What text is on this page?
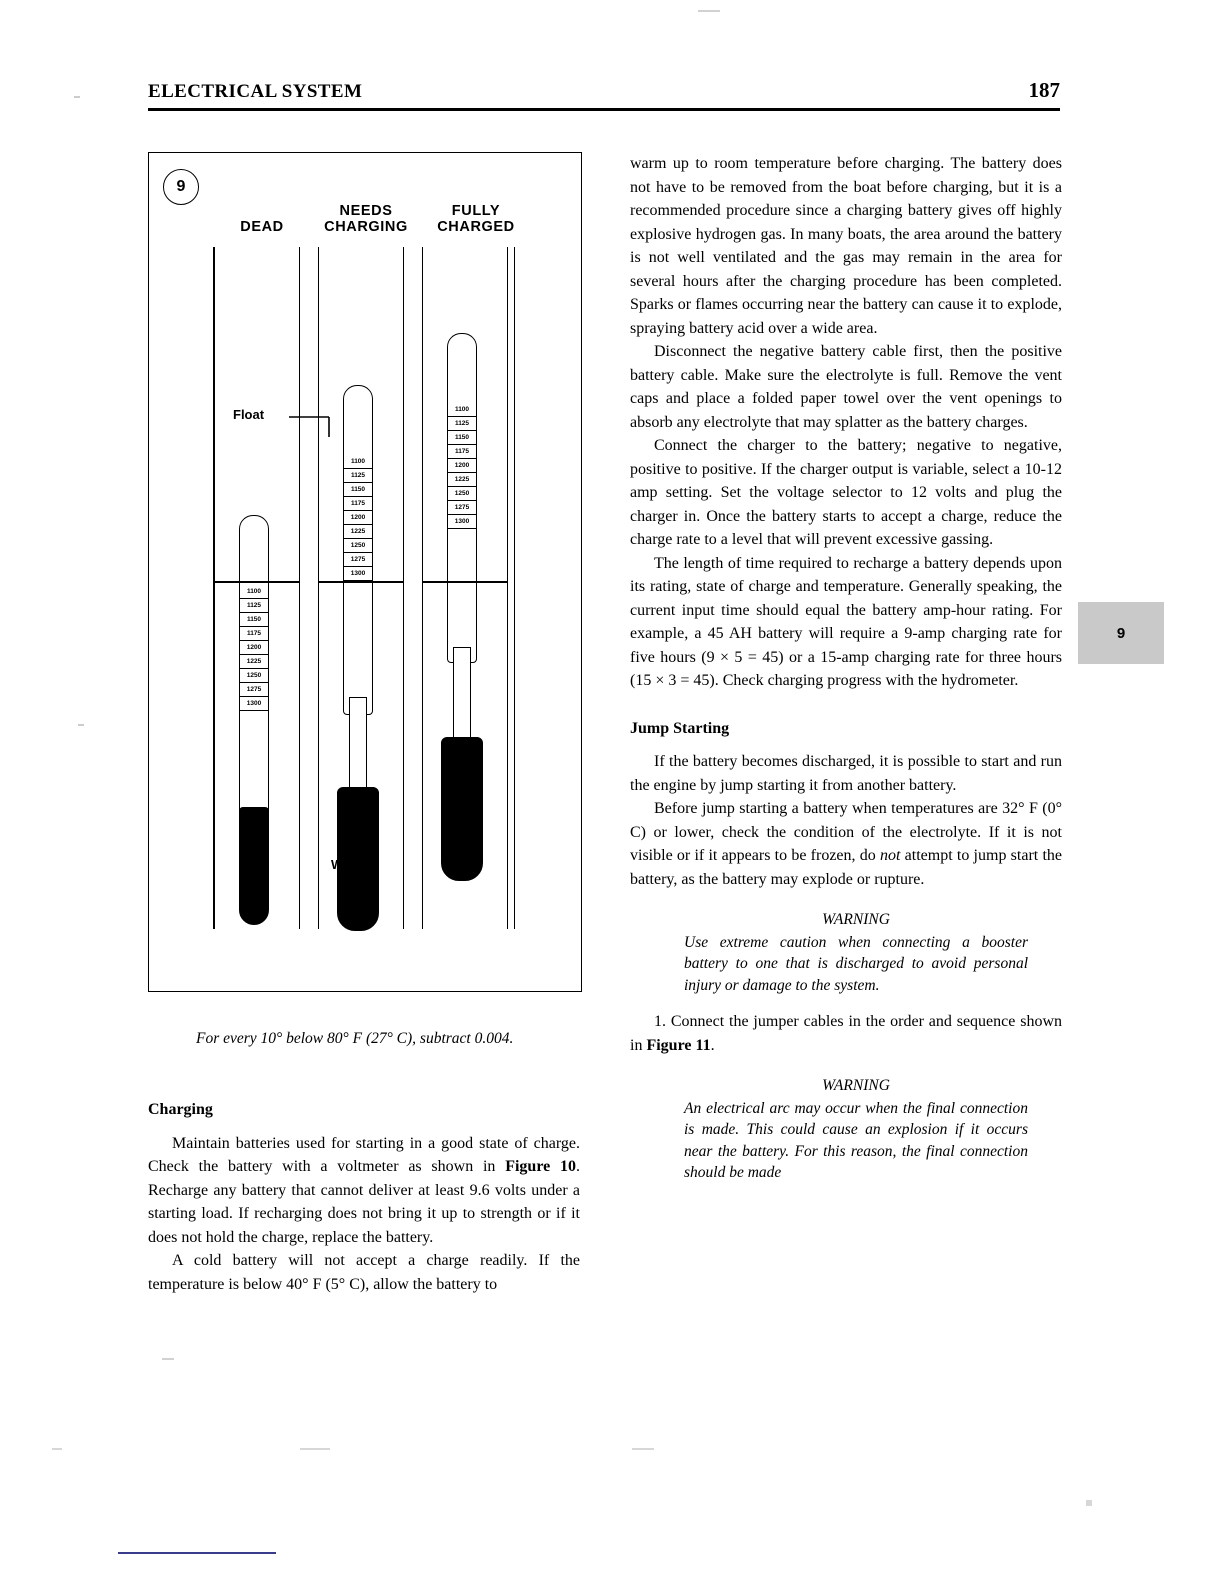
ELECTRICAL SYSTEM	187
9
DEAD
NEEDS
CHARGING
FULLY
CHARGED
1100
1125
1150
1175
1200
1225
1250
1275
1300
1100
1125
1150
1175
1200
1225
1250
1275
1300
1100
1125
1150
1175
1200
1225
1250
1275
1300
Float
Weight
For every 10° below 80° F (27° C), subtract 0.004.
Charging

Maintain batteries used for starting in a good state of charge. Check the battery with a voltmeter as shown in Figure 10. Recharge any battery that cannot deliver at least 9.6 volts under a starting load. If recharging does not bring it up to strength or if it does not hold the charge, replace the battery.

A cold battery will not accept a charge readily. If the temperature is below 40° F (5° C), allow the battery to

warm up to room temperature before charging. The battery does not have to be removed from the boat before charging, but it is a recommended procedure since a charging battery gives off highly explosive hydrogen gas. In many boats, the area around the battery is not well ventilated and the gas may remain in the area for several hours after the charging procedure has been completed. Sparks or flames occurring near the battery can cause it to explode, spraying battery acid over a wide area.

Disconnect the negative battery cable first, then the positive battery cable. Make sure the electrolyte is full. Remove the vent caps and place a folded paper towel over the vent openings to absorb any electrolyte that may splatter as the battery charges.

Connect the charger to the battery; negative to negative, positive to positive. If the charger output is variable, select a 10-12 amp setting. Set the voltage selector to 12 volts and plug the charger in. Once the battery starts to accept a charge, reduce the charge rate to a level that will prevent excessive gassing.

The length of time required to recharge a battery depends upon its rating, state of charge and temperature. Generally speaking, the current input time should equal the battery amp-hour rating. For example, a 45 AH battery will require a 9-amp charging rate for five hours (9 × 5 = 45) or a 15-amp charging rate for three hours (15 × 3 = 45). Check charging progress with the hydrometer.

Jump Starting

If the battery becomes discharged, it is possible to start and run the engine by jump starting it from another battery.

Before jump starting a battery when temperatures are 32° F (0° C) or lower, check the condition of the electrolyte. If it is not visible or if it appears to be frozen, do not attempt to jump start the battery, as the battery may explode or rupture.

WARNING
Use extreme caution when connecting a booster battery to one that is discharged to avoid personal injury or damage to the system.

1. Connect the jumper cables in the order and sequence shown in Figure 11.

WARNING
An electrical arc may occur when the final connection is made. This could cause an explosion if it occurs near the battery. For this reason, the final connection should be made
9
